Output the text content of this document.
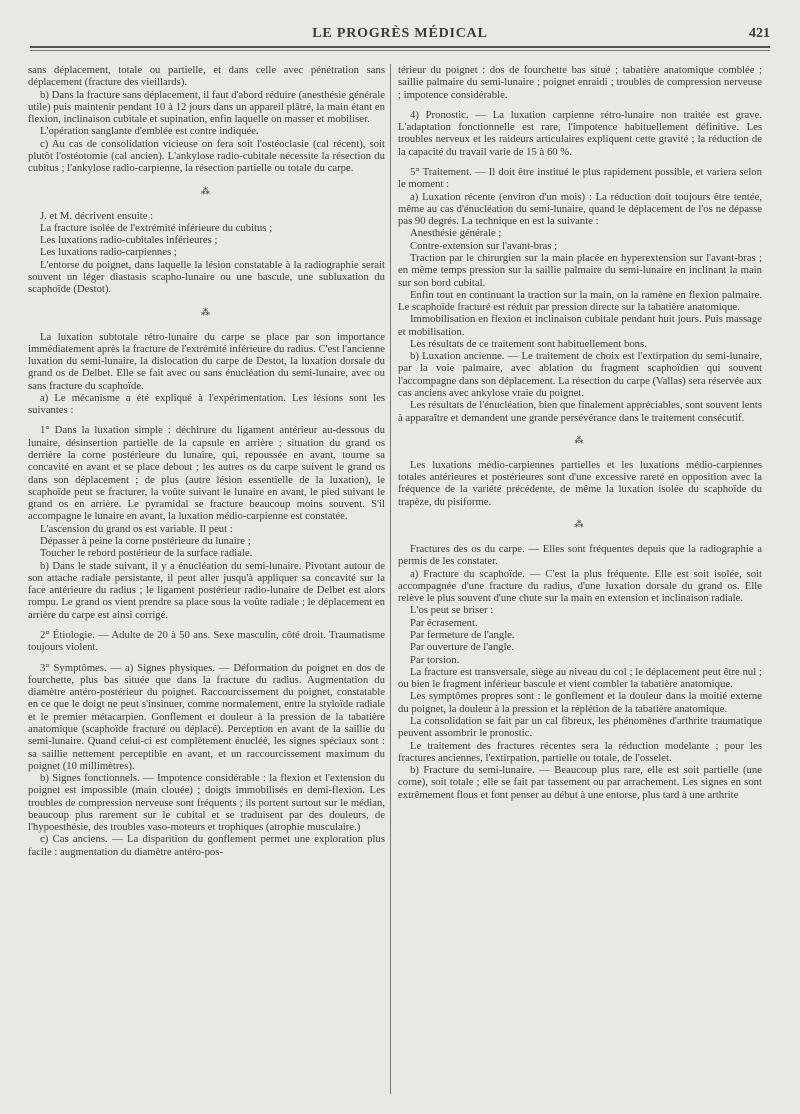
LE PROGRÈS MÉDICAL	421

sans déplacement, totale ou partielle, et dans celle avec pénétration sans déplacement (fracture des vieillards).

b) Dans la fracture sans déplacement, il faut d'abord réduire (anesthésie générale utile) puis maintenir pendant 10 à 12 jours dans un appareil plâtré, la main étant en flexion, inclinaison cubitale et supination, enfin laquelle on masser et mobiliser.

L'opération sanglante d'emblée est contre indiquée.

c) Au cas de consolidation vicieuse on fera soit l'ostéoclasie (cal récent), soit plutôt l'ostéotomie (cal ancien). L'ankylose radio-cubitale nécessite la résection du cubitus ; l'ankylose radio-carpienne, la résection partielle ou totale du carpe.

⁂

J. et M. décrivent ensuite :

La fracture isolée de l'extrémité inférieure du cubitus ;

Les luxations radio-cubitales inférieures ;

Les luxations radio-carpiennes ;

L'entorse du poignet, dans laquelle la lésion constatable à la radiographie serait souvent un léger diastasis scapho-lunaire ou une bascule, une subluxation du scaphoïde (Destot).

⁂

La luxation subtotale rétro-lunaire du carpe se place par son importance immédiatement après la fracture de l'extrémité inférieure du radius. C'est l'ancienne luxation du semi-lunaire, la dislocation du carpe de Destot, la luxation dorsale du grand os de Delbet. Elle se fait avec ou sans énucléation du semi-lunaire, avec ou sans fracture du scaphoïde.

a) Le mécanisme a été expliqué à l'expérimentation. Les lésions sont les suivantes :

1° Dans la luxation simple : déchirure du ligament antérieur au-dessous du lunaire, désinsertion partielle de la capsule en arrière ; situation du grand os derrière la corne postérieure du lunaire, qui, repoussée en avant, tourne sa concavité en avant et se place debout ; les autres os du carpe suivent le grand os dans son déplacement ; de plus (autre lésion essentielle de la luxation), le scaphoïde peut se fracturer, la voûte suivant le lunaire en avant, le pied suivant le grand os en arrière. Le pyramidal se fracture beaucoup moins souvent. S'il accompagne le lunaire en avant, la luxation médio-carpienne est constatée.

L'ascension du grand os est variable. Il peut :

Dépasser à peine la corne postérieure du lunaire ;

Toucher le rebord postérieur de la surface radiale.

b) Dans le stade suivant, il y a énucléation du semi-lunaire. Pivotant autour de son attache radiale persistante, il peut aller jusqu'à appliquer sa concavité sur la face antérieure du radius ; le ligament postérieur radio-lunaire de Delbet est alors rompu. Le grand os vient prendre sa place sous la voûte radiale ; le déplacement en arrière du carpe est ainsi corrigé.

2° Étiologie. — Adulte de 20 à 50 ans. Sexe masculin, côté droit. Traumatisme toujours violent.

3° Symptômes. — a) Signes physiques. — Déformation du poignet en dos de fourchette, plus bas située que dans la fracture du radius. Augmentation du diamètre antéro-postérieur du poignet. Raccourcissement du poignet, constatable en ce que le doigt ne peut s'insinuer, comme normalement, entre la styloïde radiale et le premier métacarpien. Gonflement et douleur à la pression de la tabatière anatomique (scaphoïde fracturé ou déplacé). Perception en avant de la saillie du semi-lunaire. Quand celui-ci est complètement énucléé, les signes spéciaux sont : sa saillie nettement perceptible en avant, et un raccourcissement maximum du poignet (10 millimètres).

b) Signes fonctionnels. — Impotence considérable : la flexion et l'extension du poignet est impossible (main clouée) ; doigts immobilisés en demi-flexion. Les troubles de compression nerveuse sont fréquents ; ils portent surtout sur le médian, beaucoup plus rarement sur le cubital et se traduisent par des douleurs, de l'hypoesthésie, des troubles vaso-moteurs et trophiques (atrophie musculaire.)

c) Cas anciens. — La disparition du gonflement permet une exploration plus facile : augmentation du diamètre antéro-pos-

térieur du poignet : dos de fourchette bas situé ; tabatière anatomique comblée ; saillie palmaire du semi-lunaire ; poignet enraidi ; troubles de compression nerveuse ; impotence considérable.

4) Pronostic. — La luxation carpienne rétro-lunaire non traitée est grave. L'adaptation fonctionnelle est rare, l'impotence habituellement définitive. Les troubles nerveux et les raideurs articulaires expliquent cette gravité ; la réduction de la capacité du travail varie de 15 à 60 %.

5° Traitement. — Il doit être institué le plus rapidement possible, et variera selon le moment :

a) Luxation récente (environ d'un mois) : La réduction doit toujours être tentée, même au cas d'énucléation du semi-lunaire, quand le déplacement de l'os ne dépasse pas 90 degrés. La technique en est la suivante :

Anesthésie générale ;

Contre-extension sur l'avant-bras ;

Traction par le chirurgien sur la main placée en hyperextension sur l'avant-bras ; en même temps pression sur la saillie palmaire du semi-lunaire en inclinant la main sur son bord cubital.

Enfin tout en continuant la traction sur la main, on la ramène en flexion palmaire. Le scaphoïde fracturé est réduit par pression directe sur la tabatière anatomique.

Immobilisation en flexion et inclinaison cubitale pendant huit jours. Puis massage et mobilisation.

Les résultats de ce traitement sont habituellement bons.

b) Luxation ancienne. — Le traitement de choix est l'extirpation du semi-lunaire, par la voie palmaire, avec ablation du fragment scaphoïdien qui souvent l'accompagne dans son déplacement. La résection du carpe (Vallas) sera réservée aux cas anciens avec ankylose vraie du poignet.

Les résultats de l'énucléation, bien que finalement appréciables, sont souvent lents à apparaître et demandent une grande persévérance dans le traitement consécutif.

⁂

Les luxations médio-carpiennes partielles et les luxations médio-carpiennes totales antérieures et postérieures sont d'une excessive rareté en opposition avec la fréquence de la variété précédente, de même la luxation isolée du scaphoïde du trapèze, du pisiforme.

⁂

Fractures des os du carpe. — Elles sont fréquentes depuis que la radiographie a permis de les constater.

a) Fracture du scaphoïde. — C'est la plus fréquente. Elle est soit isolée, soit accompagnée d'une fracture du radius, d'une luxation dorsale du grand os. Elle relève le plus souvent d'une chute sur la main en extension et inclinaison radiale.

L'os peut se briser :

Par écrasement.

Par fermeture de l'angle.

Par ouverture de l'angle.

Par torsion.

La fracture est transversale, siège au niveau du col ; le déplacement peut être nul ; ou bien le fragment inférieur bascule et vient combler la tabatière anatomique.

Les symptômes propres sont : le gonflement et la douleur dans la moitié externe du poignet, la douleur à la pression et la réplétion de la tabatière anatomique.

La consolidation se fait par un cal fibreux, les phénomènes d'arthrite traumatique peuvent assombrir le pronostic.

Le traitement des fractures récentes sera la réduction modelante ; pour les fractures anciennes, l'extirpation, partielle ou totale, de l'osselet.

b) Fracture du semi-lunaire. — Beaucoup plus rare, elle est soit partielle (une corne), soit totale ; elle se fait par tassement ou par arrachement. Les signes en sont extrêmement flous et font penser au début à une entorse, plus tard à une arthrite
